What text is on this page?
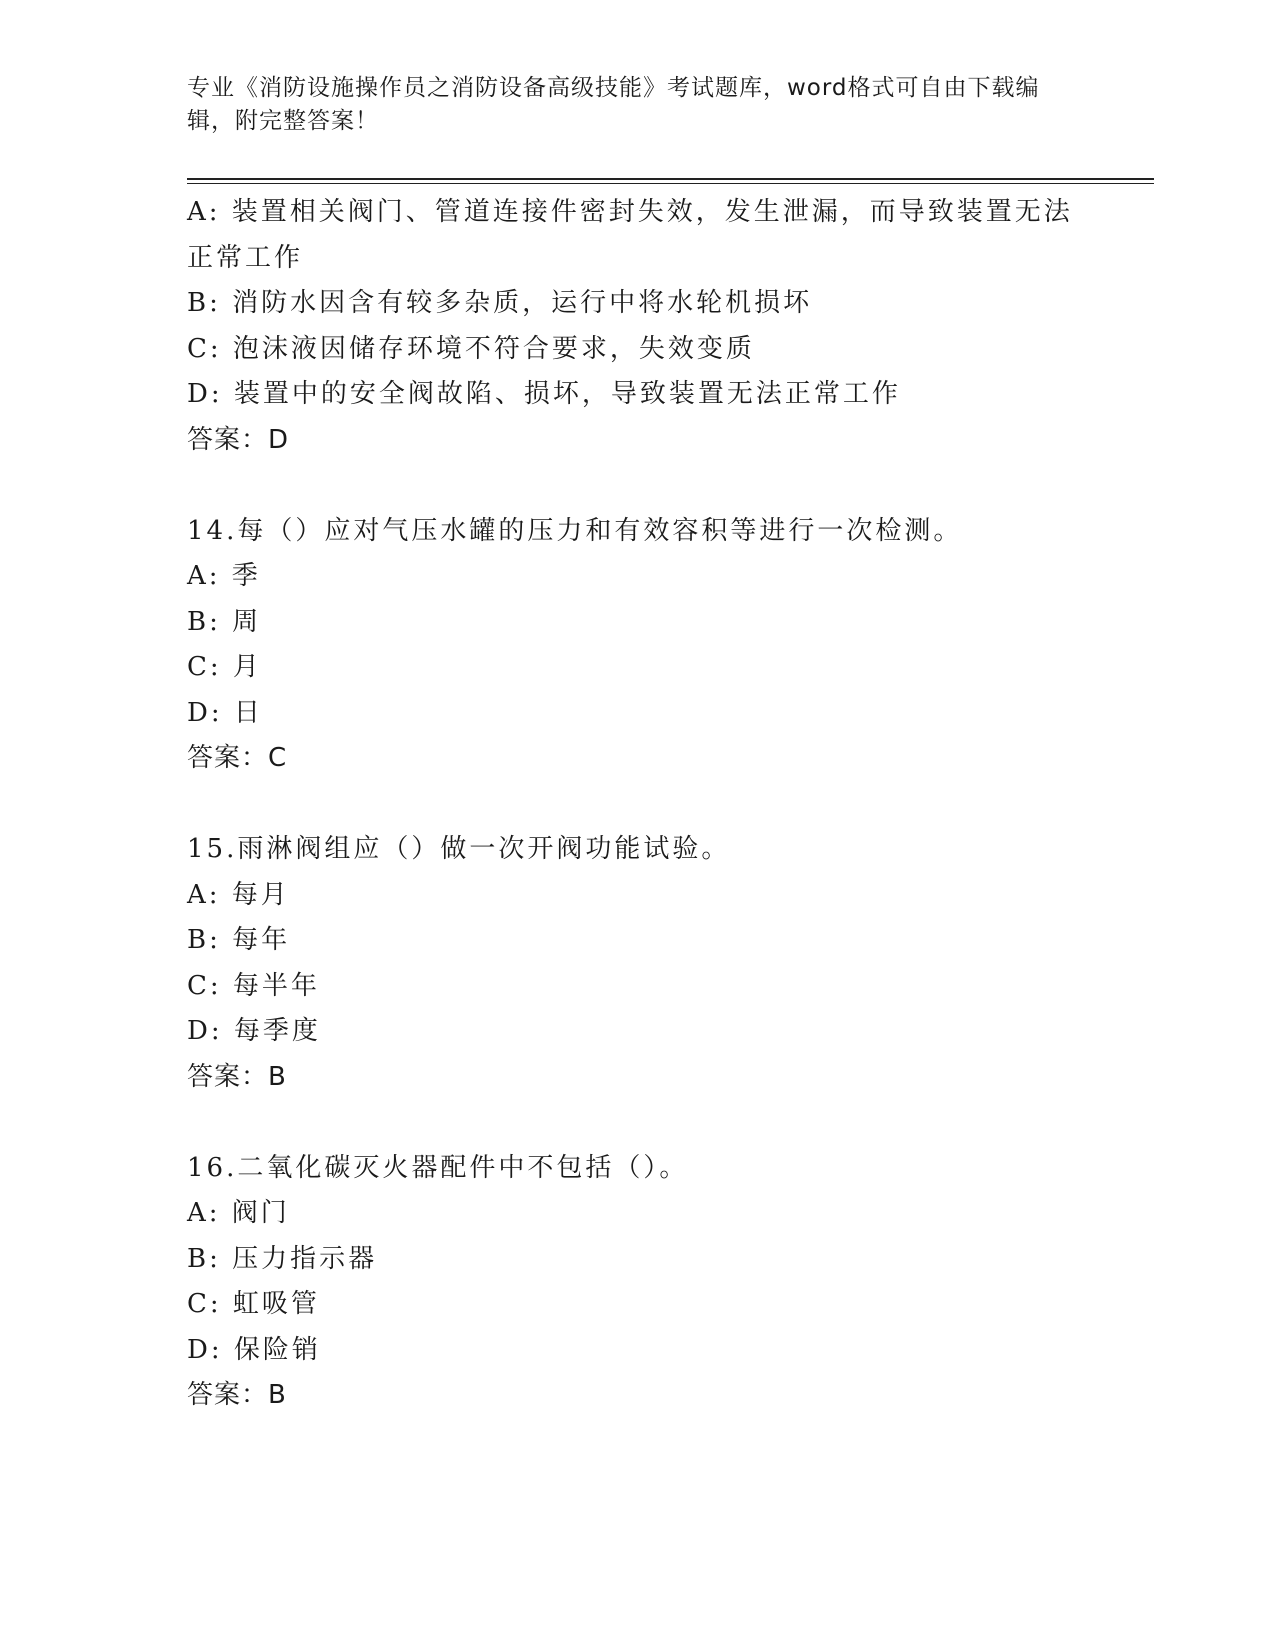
专业《消防设施操作员之消防设备高级技能》考试题库，word格式可自由下载编辑，附完整答案！
A: 装置相关阀门、管道连接件密封失效，发生泄漏，而导致装置无法正常工作
B: 消防水因含有较多杂质，运行中将水轮机损坏
C: 泡沫液因储存环境不符合要求，失效变质
D: 装置中的安全阀故陷、损坏，导致装置无法正常工作
答案：D
14.每（）应对气压水罐的压力和有效容积等进行一次检测。
A: 季
B: 周
C: 月
D: 日
答案：C
15.雨淋阀组应（）做一次开阀功能试验。
A: 每月
B: 每年
C: 每半年
D: 每季度
答案：B
16.二氧化碳灭火器配件中不包括（）。
A: 阀门
B: 压力指示器
C: 虹吸管
D: 保险销
答案：B
